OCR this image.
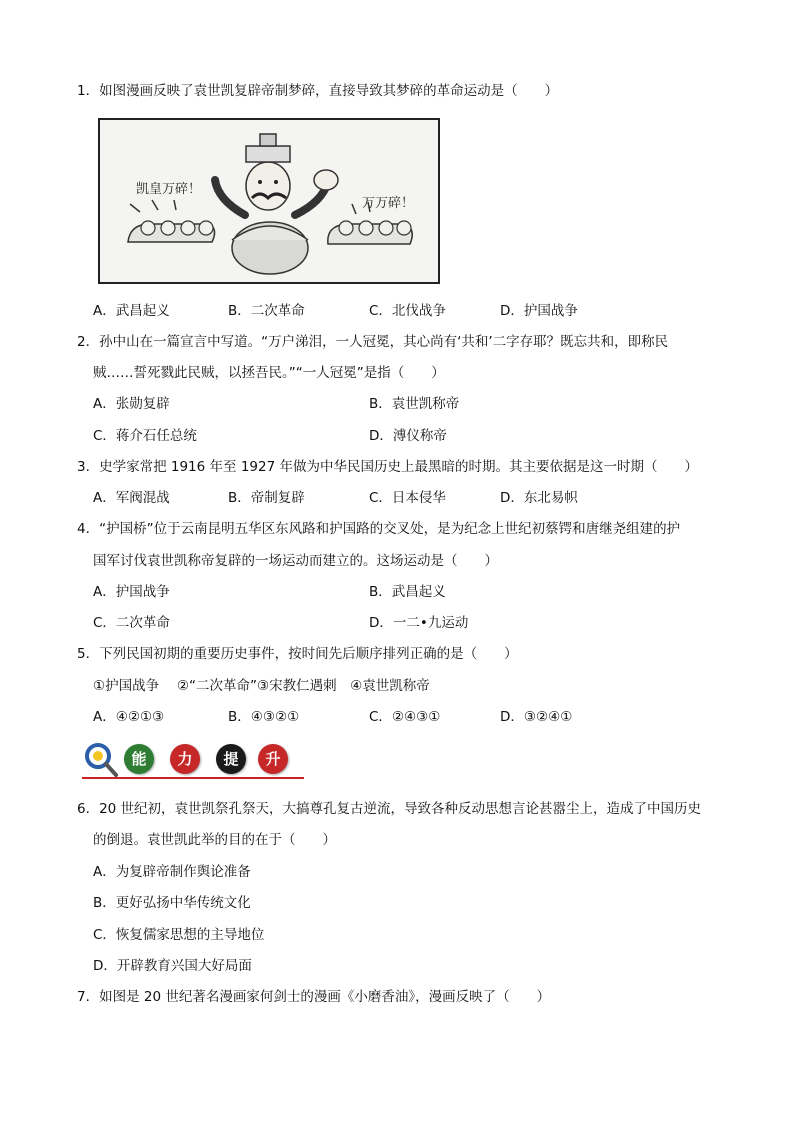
1．如图漫画反映了袁世凯复辟帝制梦碎，直接导致其梦碎的革命运动是（　　）
凯皇万碎！
万万碎！
A．武昌起义	B．二次革命	C．北伐战争	D．护国战争
2．孙中山在一篇宣言中写道。“万户涕泪，一人冠冕，其心尚有‘共和’二字存耶？既忘共和，即称民
贼……誓死戮此民贼，以拯吾民。”“一人冠冕”是指（　　）
A．张勋复辟	B．袁世凯称帝
C．蒋介石任总统	D．溥仪称帝
3．史学家常把 1916 年至 1927 年做为中华民国历史上最黑暗的时期。其主要依据是这一时期（　　）
A．军阀混战	B．帝制复辟	C．日本侵华	D．东北易帜
4．“护国桥”位于云南昆明五华区东风路和护国路的交叉处，是为纪念上世纪初蔡锷和唐继尧组建的护
国军讨伐袁世凯称帝复辟的一场运动而建立的。这场运动是（　　）
A．护国战争	B．武昌起义
C．二次革命	D．一二•九运动
5．下列民国初期的重要历史事件，按时间先后顺序排列正确的是（　　）
①护国战争　 ②“二次革命”③宋教仁遇刺　④袁世凯称帝
A．④②①③	B．④③②①	C．②④③①	D．③②④①
能	力	提	升
6．20 世纪初，袁世凯祭孔祭天，大搞尊孔复古逆流，导致各种反动思想言论甚嚣尘上，造成了中国历史
的倒退。袁世凯此举的目的在于（　　）
A．为复辟帝制作舆论准备
B．更好弘扬中华传统文化
C．恢复儒家思想的主导地位
D．开辟教育兴国大好局面
7．如图是 20 世纪著名漫画家何剑士的漫画《小磨香油》，漫画反映了（　　）
